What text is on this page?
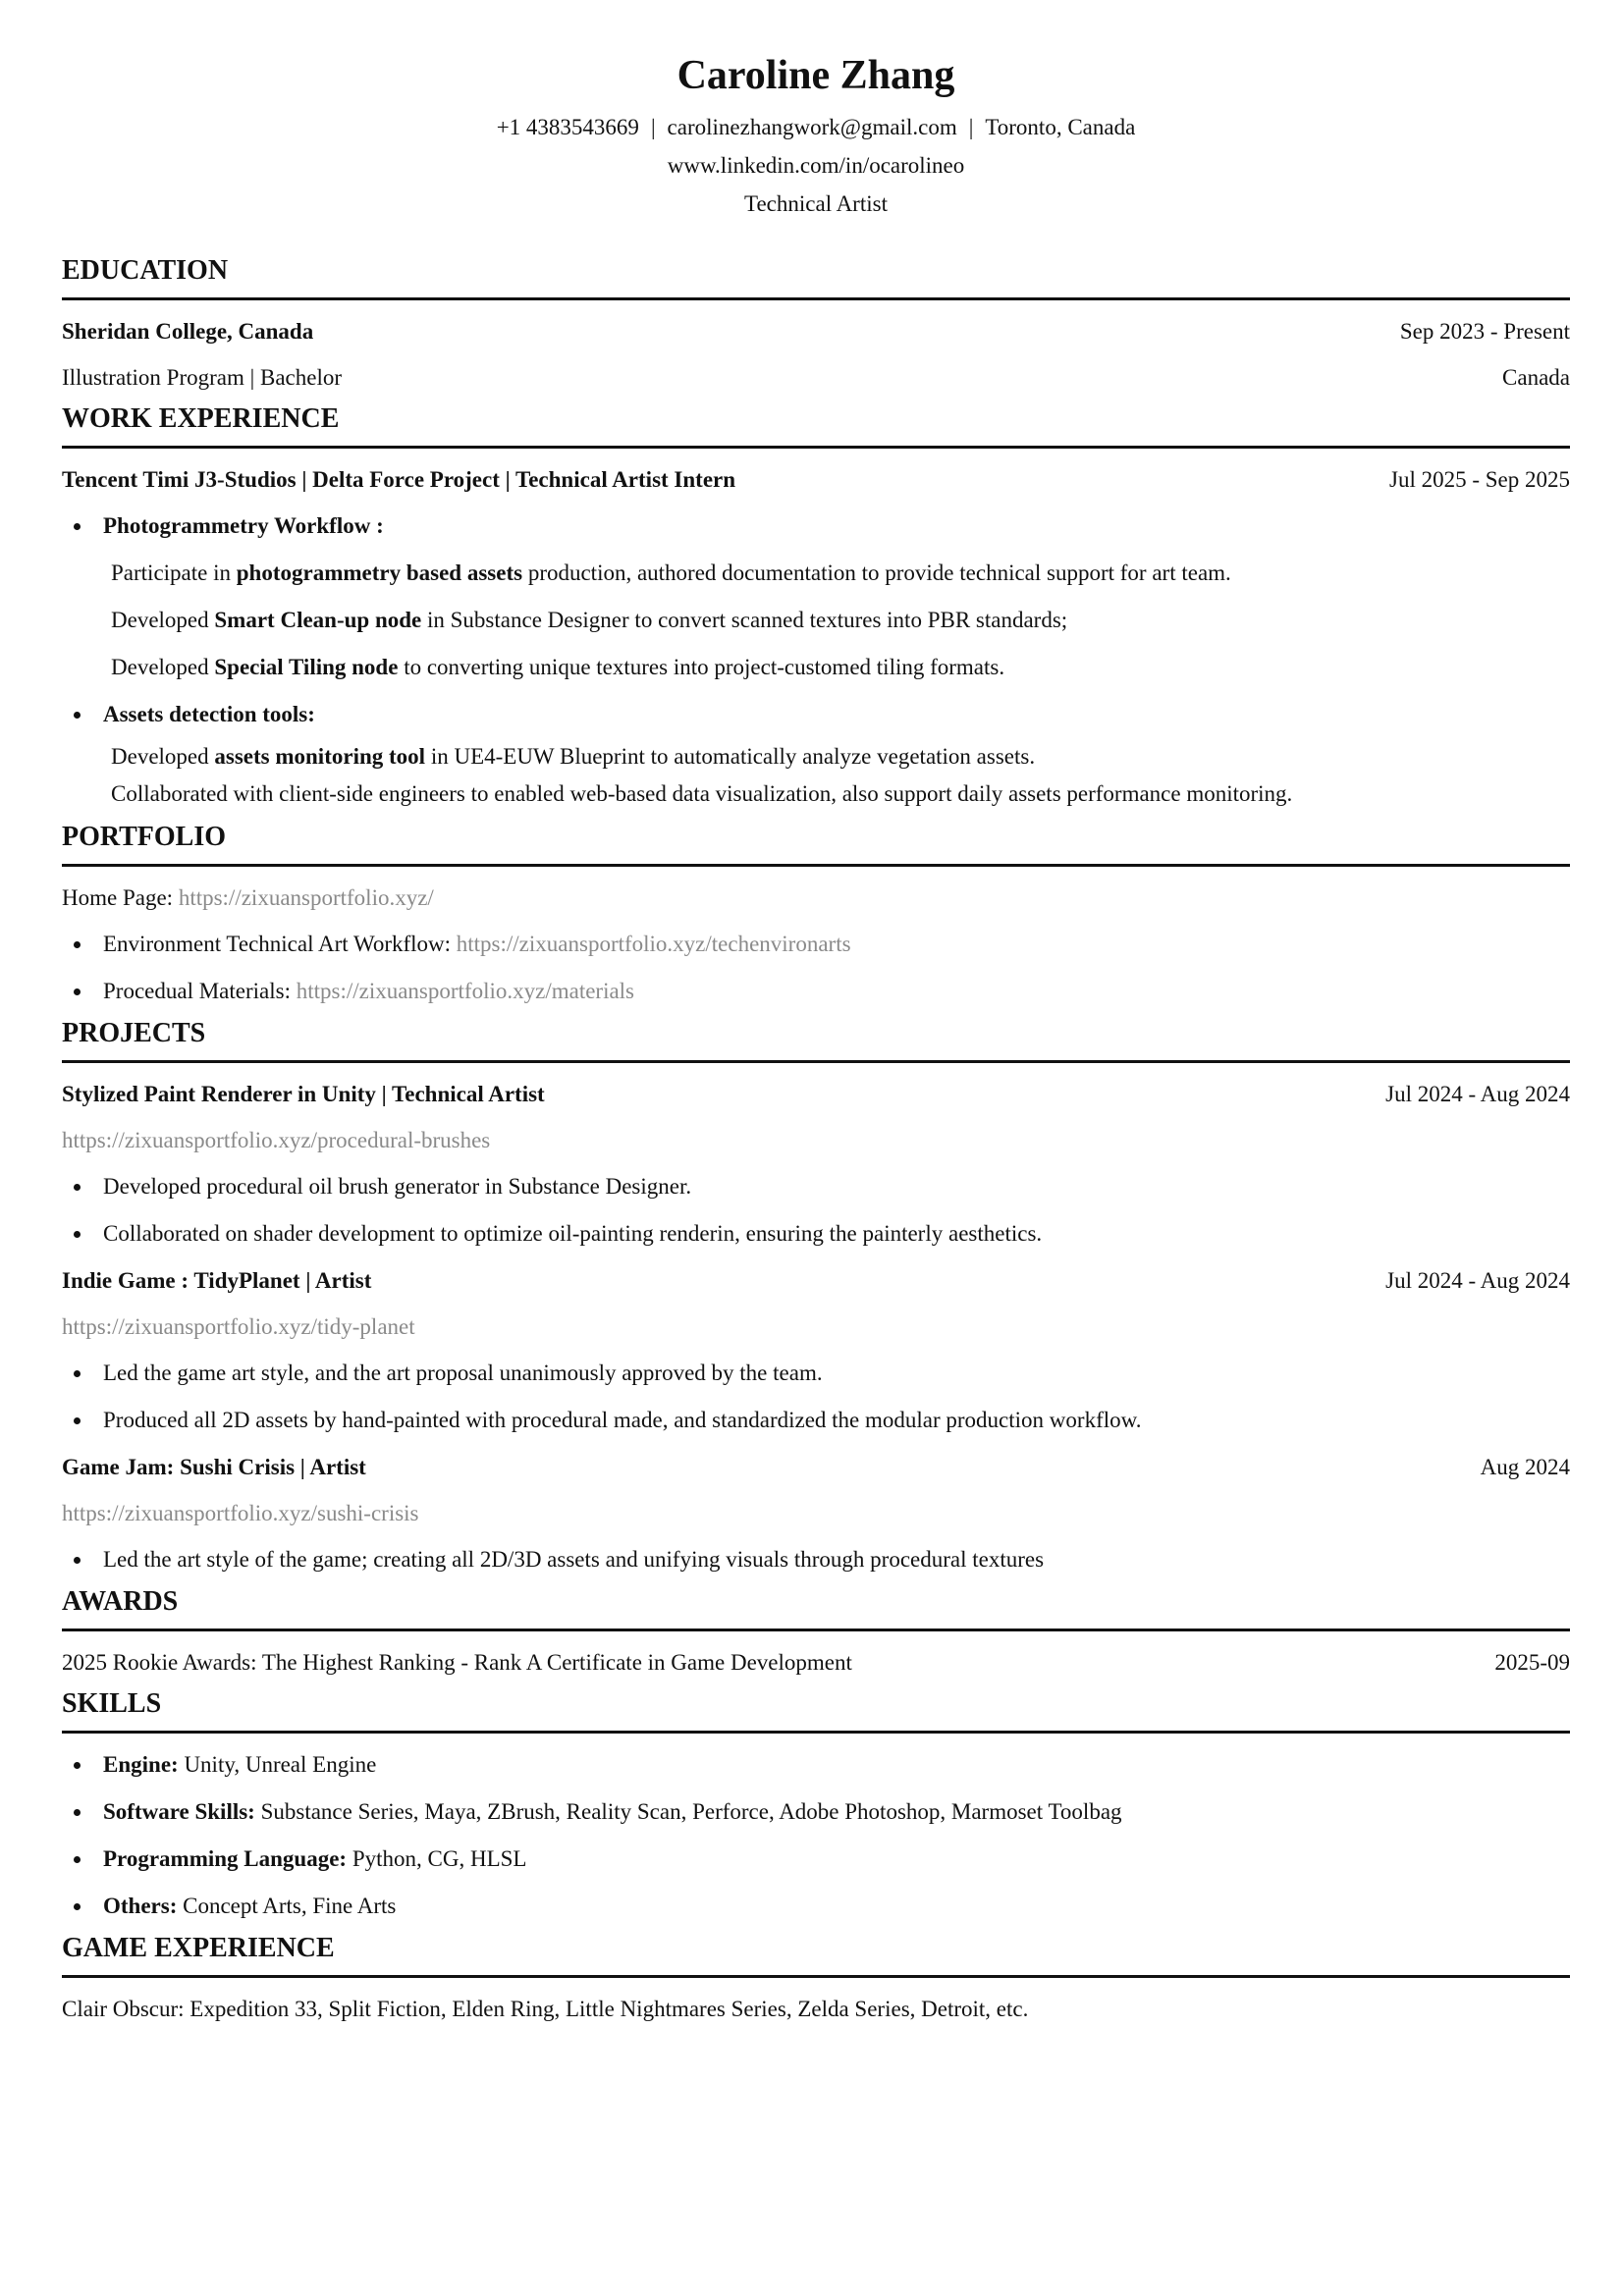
Caroline Zhang
+1 4383543669 | carolinezhangwork@gmail.com | Toronto, Canada
www.linkedin.com/in/ocarolineo
Technical Artist
EDUCATION
Sheridan College, Canada	Sep 2023 - Present
Illustration Program | Bachelor	Canada
WORK EXPERIENCE
Tencent Timi J3-Studios | Delta Force Project | Technical Artist Intern	Jul 2025 - Sep 2025
Photogrammetry Workflow :
Participate in photogrammetry based assets production, authored documentation to provide technical support for art team.
Developed Smart Clean-up node in Substance Designer to convert scanned textures into PBR standards;
Developed Special Tiling node to converting unique textures into project-customed tiling formats.
Assets detection tools:
Developed assets monitoring tool in UE4-EUW Blueprint to automatically analyze vegetation assets.
Collaborated with client-side engineers to enabled web-based data visualization, also support daily assets performance monitoring.
PORTFOLIO
Home Page: https://zixuansportfolio.xyz/
Environment Technical Art Workflow: https://zixuansportfolio.xyz/techenvironarts
Procedual Materials: https://zixuansportfolio.xyz/materials
PROJECTS
Stylized Paint Renderer in Unity | Technical Artist	Jul 2024 - Aug 2024
https://zixuansportfolio.xyz/procedural-brushes
Developed procedural oil brush generator in Substance Designer.
Collaborated on shader development to optimize oil-painting renderin, ensuring the painterly aesthetics.
Indie Game : TidyPlanet | Artist	Jul 2024 - Aug 2024
https://zixuansportfolio.xyz/tidy-planet
Led the game art style, and the art proposal unanimously approved by the team.
Produced all 2D assets by hand-painted with procedural made, and standardized the modular production workflow.
Game Jam: Sushi Crisis | Artist	Aug 2024
https://zixuansportfolio.xyz/sushi-crisis
Led the art style of the game; creating all 2D/3D assets and unifying visuals through procedural textures
AWARDS
2025 Rookie Awards: The Highest Ranking - Rank A Certificate in Game Development	2025-09
SKILLS
Engine: Unity, Unreal Engine
Software Skills: Substance Series, Maya, ZBrush, Reality Scan, Perforce, Adobe Photoshop, Marmoset Toolbag
Programming Language: Python, CG, HLSL
Others: Concept Arts, Fine Arts
GAME EXPERIENCE
Clair Obscur: Expedition 33, Split Fiction, Elden Ring, Little Nightmares Series, Zelda Series, Detroit, etc.
